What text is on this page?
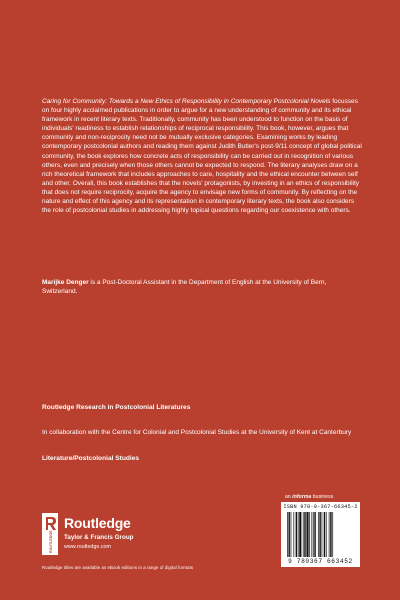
Caring for Community: Towards a New Ethics of Responsibility in Contemporary Postcolonial Novels focusses on four highly acclaimed publications in order to argue for a new understanding of community and its ethical framework in recent literary texts. Traditionally, community has been understood to function on the basis of individuals' readiness to establish relationships of reciprocal responsibility. This book, however, argues that community and non-reciprocity need not be mutually exclusive categories. Examining works by leading contemporary postcolonial authors and reading them against Judith Butler's post-9/11 concept of global political community, the book explores how concrete acts of responsibility can be carried out in recognition of various others, even and precisely when those others cannot be expected to respond. The literary analyses draw on a rich theoretical framework that includes approaches to care, hospitality and the ethical encounter between self and other. Overall, this book establishes that the novels' protagonists, by investing in an ethics of responsibility that does not require reciprocity, acquire the agency to envisage new forms of community. By reflecting on the nature and effect of this agency and its representation in contemporary literary texts, the book also considers the role of postcolonial studies in addressing highly topical questions regarding our coexistence with others.

Marijke Denger is a Post-Doctoral Assistant in the Department of English at the University of Bern, Switzerland.

Routledge Research in Postcolonial Literatures

In collaboration with the Centre for Colonial and Postcolonial Studies at the University of Kent at Canterbury

Literature/Postcolonial Studies

an informa business
ROUTLEDGE
Routledge
Taylor & Francis Group
www.routledge.com
Routledge titles are available as eBook editions in a range of digital formats
ISBN 978-0-367-66345-2
9 780367 663452
